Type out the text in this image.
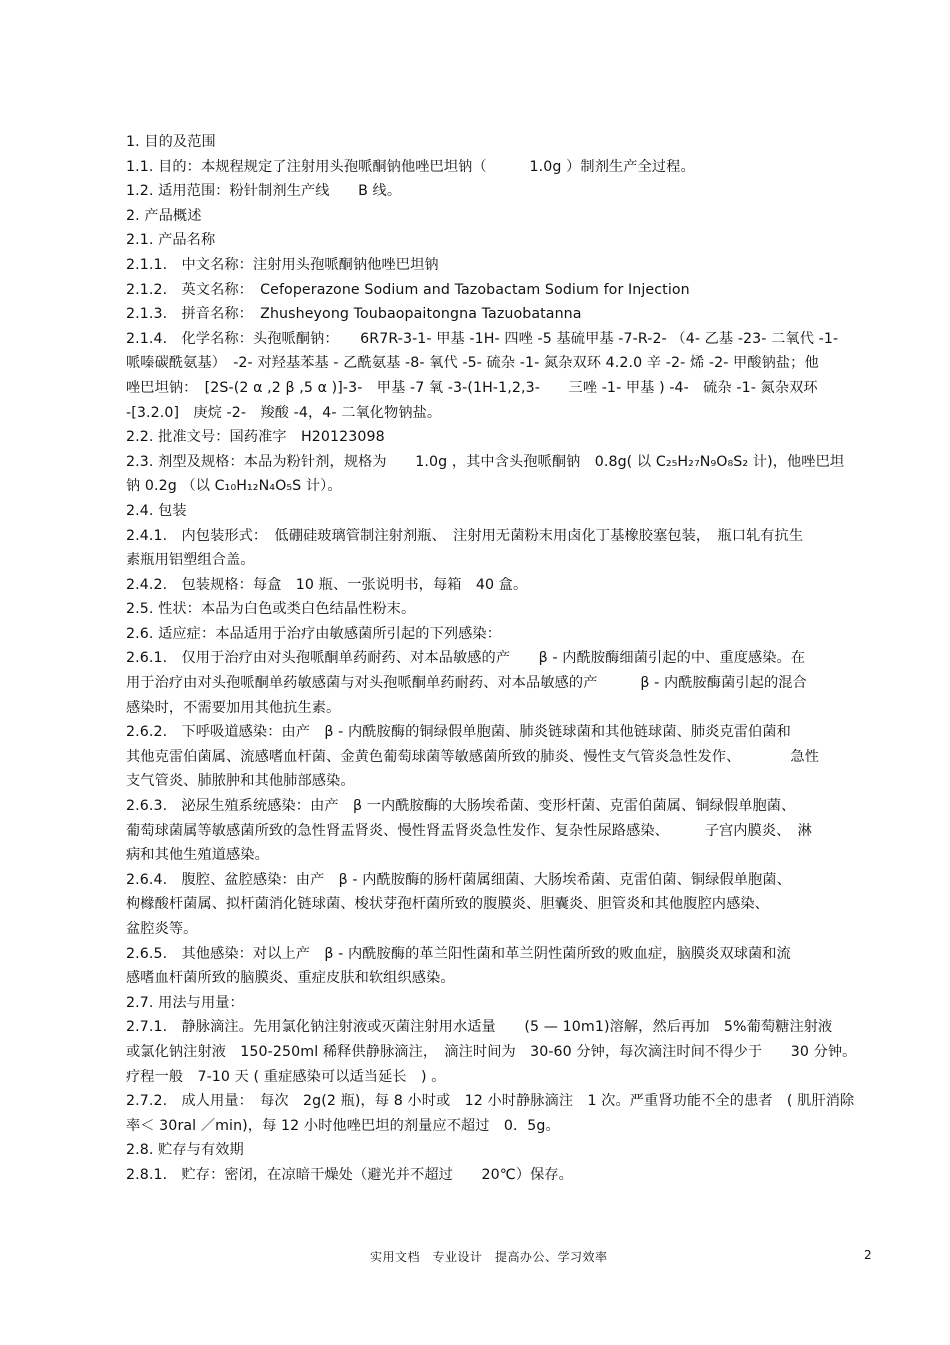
1. 目的及范围
1.1. 目的：本规程规定了注射用头孢哌酮钠他唑巴坦钠（　　　1.0g ）制剂生产全过程。
1.2. 适用范围：粉针制剂生产线　　B 线。
2. 产品概述
2.1. 产品名称
2.1.1.　中文名称：注射用头孢哌酮钠他唑巴坦钠
2.1.2.　英文名称：　Cefoperazone Sodium and Tazobactam Sodium for Injection
2.1.3.　拼音名称：　Zhusheyong Toubaopaitongna Tazuobatanna
2.1.4.　化学名称：头孢哌酮钠：　　6R7R-3-1- 甲基 -1H- 四唑 -5 基硫甲基 -7-R-2- （4- 乙基 -23- 二氧代 -1-
哌嗪碳酰氨基）　-2- 对羟基苯基 - 乙酰氨基 -8- 氧代 -5- 硫杂 -1- 氮杂双环 4.2.0 辛 -2- 烯 -2- 甲酸钠盐；他
唑巴坦钠：　[2S-(2 α ,2 β ,5 α )]-3-　甲基 -7 氧 -3-(1H-1,2,3-　　三唑 -1- 甲基 ) -4-　硫杂 -1- 氮杂双环
-[3.2.0]　庚烷 -2-　羧酸 -4，4- 二氧化物钠盐。
2.2. 批准文号：国药准字　H20123098
2.3. 剂型及规格：本品为粉针剂，规格为　　1.0g ，其中含头孢哌酮钠　0.8g( 以 C₂₅H₂₇N₉O₈S₂ 计)，他唑巴坦
钠 0.2g （以 C₁₀H₁₂N₄O₅S 计）。
2.4. 包装
2.4.1.　内包装形式：　低硼硅玻璃管制注射剂瓶、　注射用无菌粉末用卤化丁基橡胶塞包装，　瓶口轧有抗生
素瓶用铝塑组合盖。
2.4.2.　包装规格：每盒　10 瓶、一张说明书，每箱　40 盒。
2.5. 性状：本品为白色或类白色结晶性粉末。
2.6. 适应症：本品适用于治疗由敏感菌所引起的下列感染：
2.6.1.　仅用于治疗由对头孢哌酮单药耐药、对本品敏感的产　　β - 内酰胺酶细菌引起的中、重度感染。在
用于治疗由对头孢哌酮单药敏感菌与对头孢哌酮单药耐药、对本品敏感的产　　　β - 内酰胺酶菌引起的混合
感染时，不需要加用其他抗生素。
2.6.2.　下呼吸道感染：由产　β - 内酰胺酶的铜绿假单胞菌、肺炎链球菌和其他链球菌、肺炎克雷伯菌和
其他克雷伯菌属、流感嗜血杆菌、金黄色葡萄球菌等敏感菌所致的肺炎、慢性支气管炎急性发作、　　　　急性
支气管炎、肺脓肿和其他肺部感染。
2.6.3.　泌尿生殖系统感染：由产　β 一内酰胺酶的大肠埃希菌、变形杆菌、克雷伯菌属、铜绿假单胞菌、
葡萄球菌属等敏感菌所致的急性肾盂肾炎、慢性肾盂肾炎急性发作、复杂性尿路感染、　　　子宫内膜炎、　淋
病和其他生殖道感染。
2.6.4.　腹腔、盆腔感染：由产　β - 内酰胺酶的肠杆菌属细菌、大肠埃希菌、克雷伯菌、铜绿假单胞菌、
枸橼酸杆菌属、拟杆菌消化链球菌、梭状芽孢杆菌所致的腹膜炎、胆囊炎、胆管炎和其他腹腔内感染、
盆腔炎等。
2.6.5.　其他感染：对以上产　β - 内酰胺酶的革兰阳性菌和革兰阴性菌所致的败血症，脑膜炎双球菌和流
感嗜血杆菌所致的脑膜炎、重症皮肤和软组织感染。
2.7. 用法与用量：
2.7.1.　静脉滴注。先用氯化钠注射液或灭菌注射用水适量　　(5 — 10m1)溶解，然后再加　5%葡萄糖注射液
或氯化钠注射液　150-250ml 稀释供静脉滴注，　滴注时间为　30-60 分钟，每次滴注时间不得少于　　30 分钟。
疗程一般　7-10 天 ( 重症感染可以适当延长　) 。
2.7.2.　成人用量：　每次　2g(2 瓶)，每 8 小时或　12 小时静脉滴注　1 次。严重肾功能不全的患者　( 肌肝消除
率＜ 30ral ／min)，每 12 小时他唑巴坦的剂量应不超过　0．5g。
2.8. 贮存与有效期
2.8.1.　贮存：密闭，在凉暗干燥处（避光并不超过　　20℃）保存。
实用文档　专业设计　提高办公、学习效率	2
